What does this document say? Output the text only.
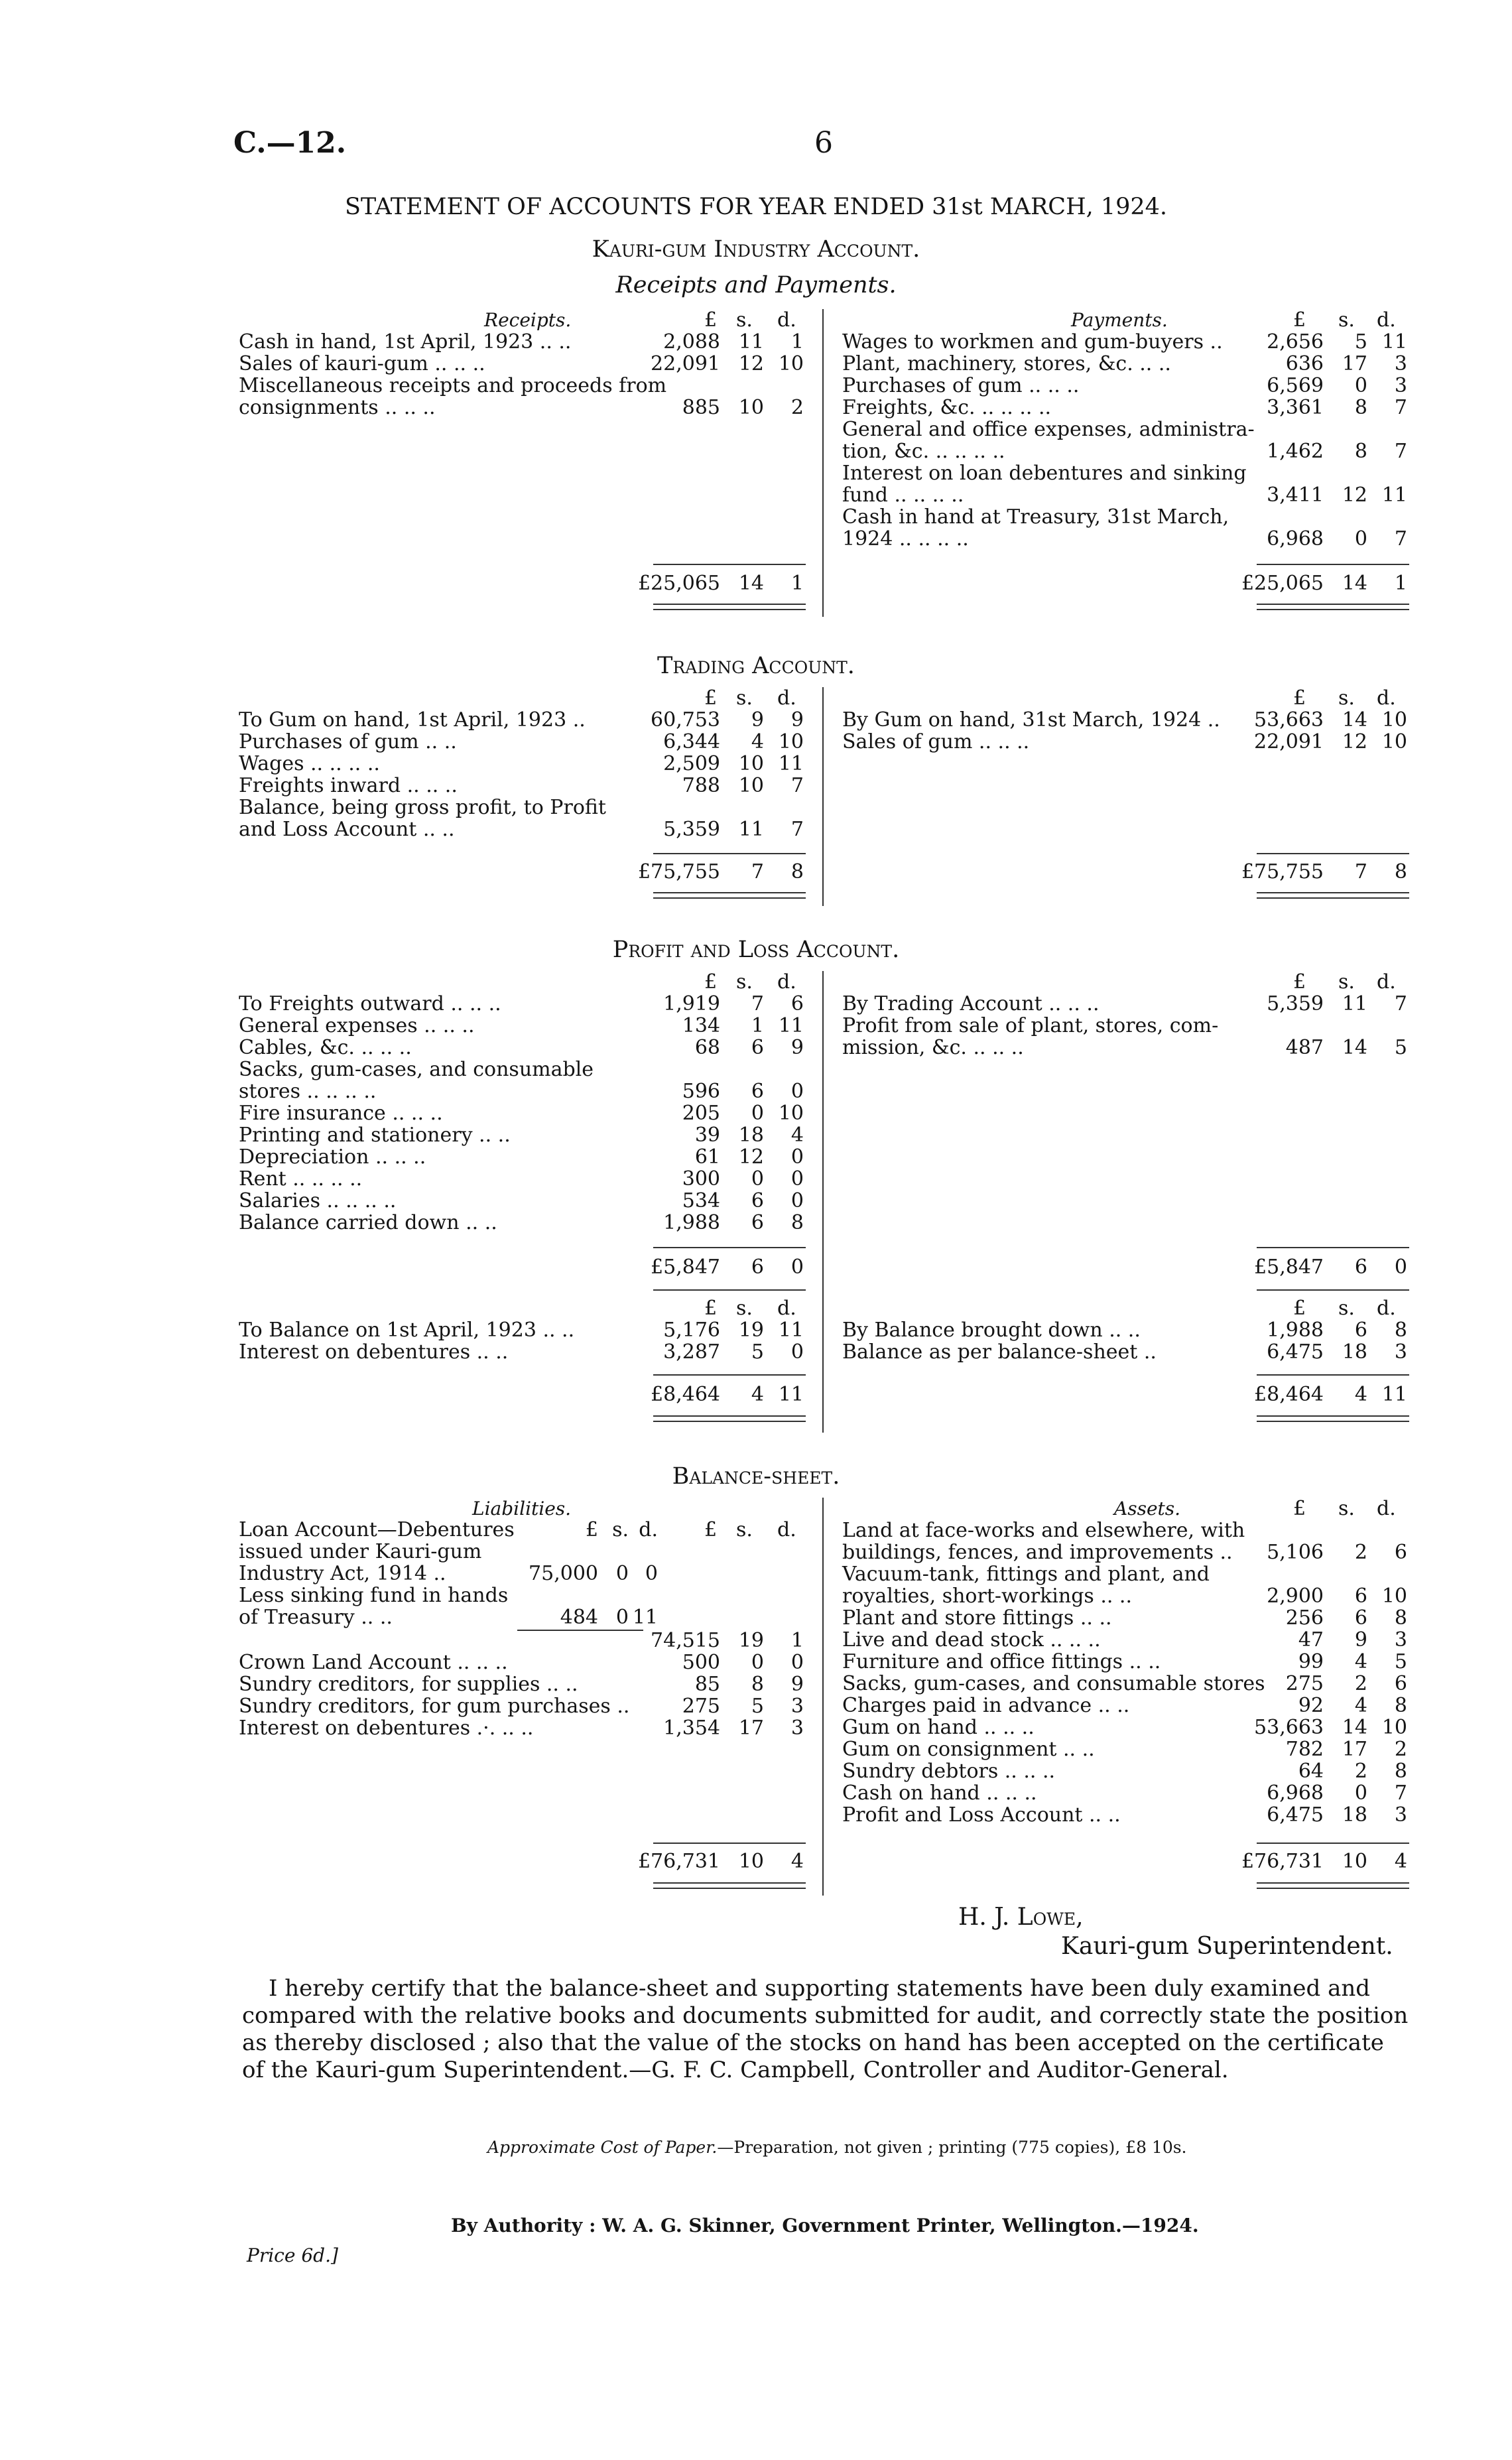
C.—12.	6
STATEMENT OF ACCOUNTS FOR YEAR ENDED 31st MARCH, 1924.
Kauri-gum Industry Account.
Receipts and Payments.
Receipts.	£ s. d.
Cash in hand, 1st April, 1923 .. ..	2,088 11 1
Sales of kauri-gum .. .. ..	22,091 12 10
Miscellaneous receipts and proceeds from
consignments .. .. ..	885 10 2
£25,065 14 1
Payments.	£ s. d.
Wages to workmen and gum-buyers .. 2,656 5 11
Plant, machinery, stores, &c. .. ..	636 17 3
Purchases of gum .. .. ..	6,569 0 3
Freights, &c. .. .. .. ..	3,361 8 7
General and office expenses, administra-
tion, &c. .. .. .. ..	1,462 8 7
Interest on loan debentures and sinking
fund .. .. .. ..	3,411 12 11
Cash in hand at Treasury, 31st March,
1924 .. .. .. ..	6,968 0 7
£25,065 14 1
Trading Account.
£ s. d.
To Gum on hand, 1st April, 1923 ..	60,753 9 9
Purchases of gum .. ..	6,344 4 10
Wages .. .. .. ..	2,509 10 11
Freights inward .. .. ..	788 10 7
Balance, being gross profit, to Profit
and Loss Account .. ..	5,359 11 7
£75,755 7 8
£ s. d.
By Gum on hand, 31st March, 1924 .. 53,663 14 10
Sales of gum .. .. ..	22,091 12 10
£75,755 7 8
Profit and Loss Account.
£ s. d.
To Freights outward .. .. ..	1,919 7 6
General expenses .. .. ..	134 1 11
Cables, &c. .. .. ..	68 6 9
Sacks, gum-cases, and consumable
stores .. .. .. ..	596 6 0
Fire insurance .. .. ..	205 0 10
Printing and stationery .. ..	39 18 4
Depreciation .. .. ..	61 12 0
Rent .. .. .. ..	300 0 0
Salaries .. .. .. ..	534 6 0
Balance carried down .. ..	1,988 6 8
£5,847 6 0
£ s. d.
To Balance on 1st April, 1923 .. ..	5,176 19 11
Interest on debentures .. ..	3,287 5 0
£8,464 4 11
£ s. d.
By Trading Account .. .. ..	5,359 11 7
Profit from sale of plant, stores, com-
mission, &c. .. .. ..	487 14 5
£5,847 6 0
£ s. d.
By Balance brought down .. ..	1,988 6 8
Balance as per balance-sheet ..	6,475 18 3
£8,464 4 11
Balance-sheet.
Liabilities.
£ s. d.
Loan Account—Debentures	£ s. d.
issued under Kauri-gum
Industry Act, 1914 ..	75,000 0 0
Less sinking fund in hands
of Treasury .. ..	484 0 11
74,515 19 1
Crown Land Account .. .. ..	500 0 0
Sundry creditors, for supplies .. ..	85 8 9
Sundry creditors, for gum purchases ..	275 5 3
Interest on debentures .·. .. ..	1,354 17 3
£76,731 10 4
Assets.	£ s. d.
Land at face-works and elsewhere, with
buildings, fences, and improvements .. 5,106 2 6
Vacuum-tank, fittings and plant, and
royalties, short-workings .. ..	2,900 6 10
Plant and store fittings .. ..	256 6 8
Live and dead stock .. .. ..	47 9 3
Furniture and office fittings .. ..	99 4 5
Sacks, gum-cases, and consumable stores 275 2 6
Charges paid in advance .. ..	92 4 8
Gum on hand .. .. ..	53,663 14 10
Gum on consignment .. ..	782 17 2
Sundry debtors .. .. ..	64 2 8
Cash on hand .. .. ..	6,968 0 7
Profit and Loss Account .. ..	6,475 18 3
£76,731 10 4
H. J. Lowe,
Kauri-gum Superintendent.
I hereby certify that the balance-sheet and supporting statements have been duly examined and
compared with the relative books and documents submitted for audit, and correctly state the position
as thereby disclosed ; also that the value of the stocks on hand has been accepted on the certificate
of the Kauri-gum Superintendent.—G. F. C. Campbell, Controller and Auditor-General.
Approximate Cost of Paper.—Preparation, not given ; printing (775 copies), £8 10s.
By Authority : W. A. G. Skinner, Government Printer, Wellington.—1924.
Price 6d.]
